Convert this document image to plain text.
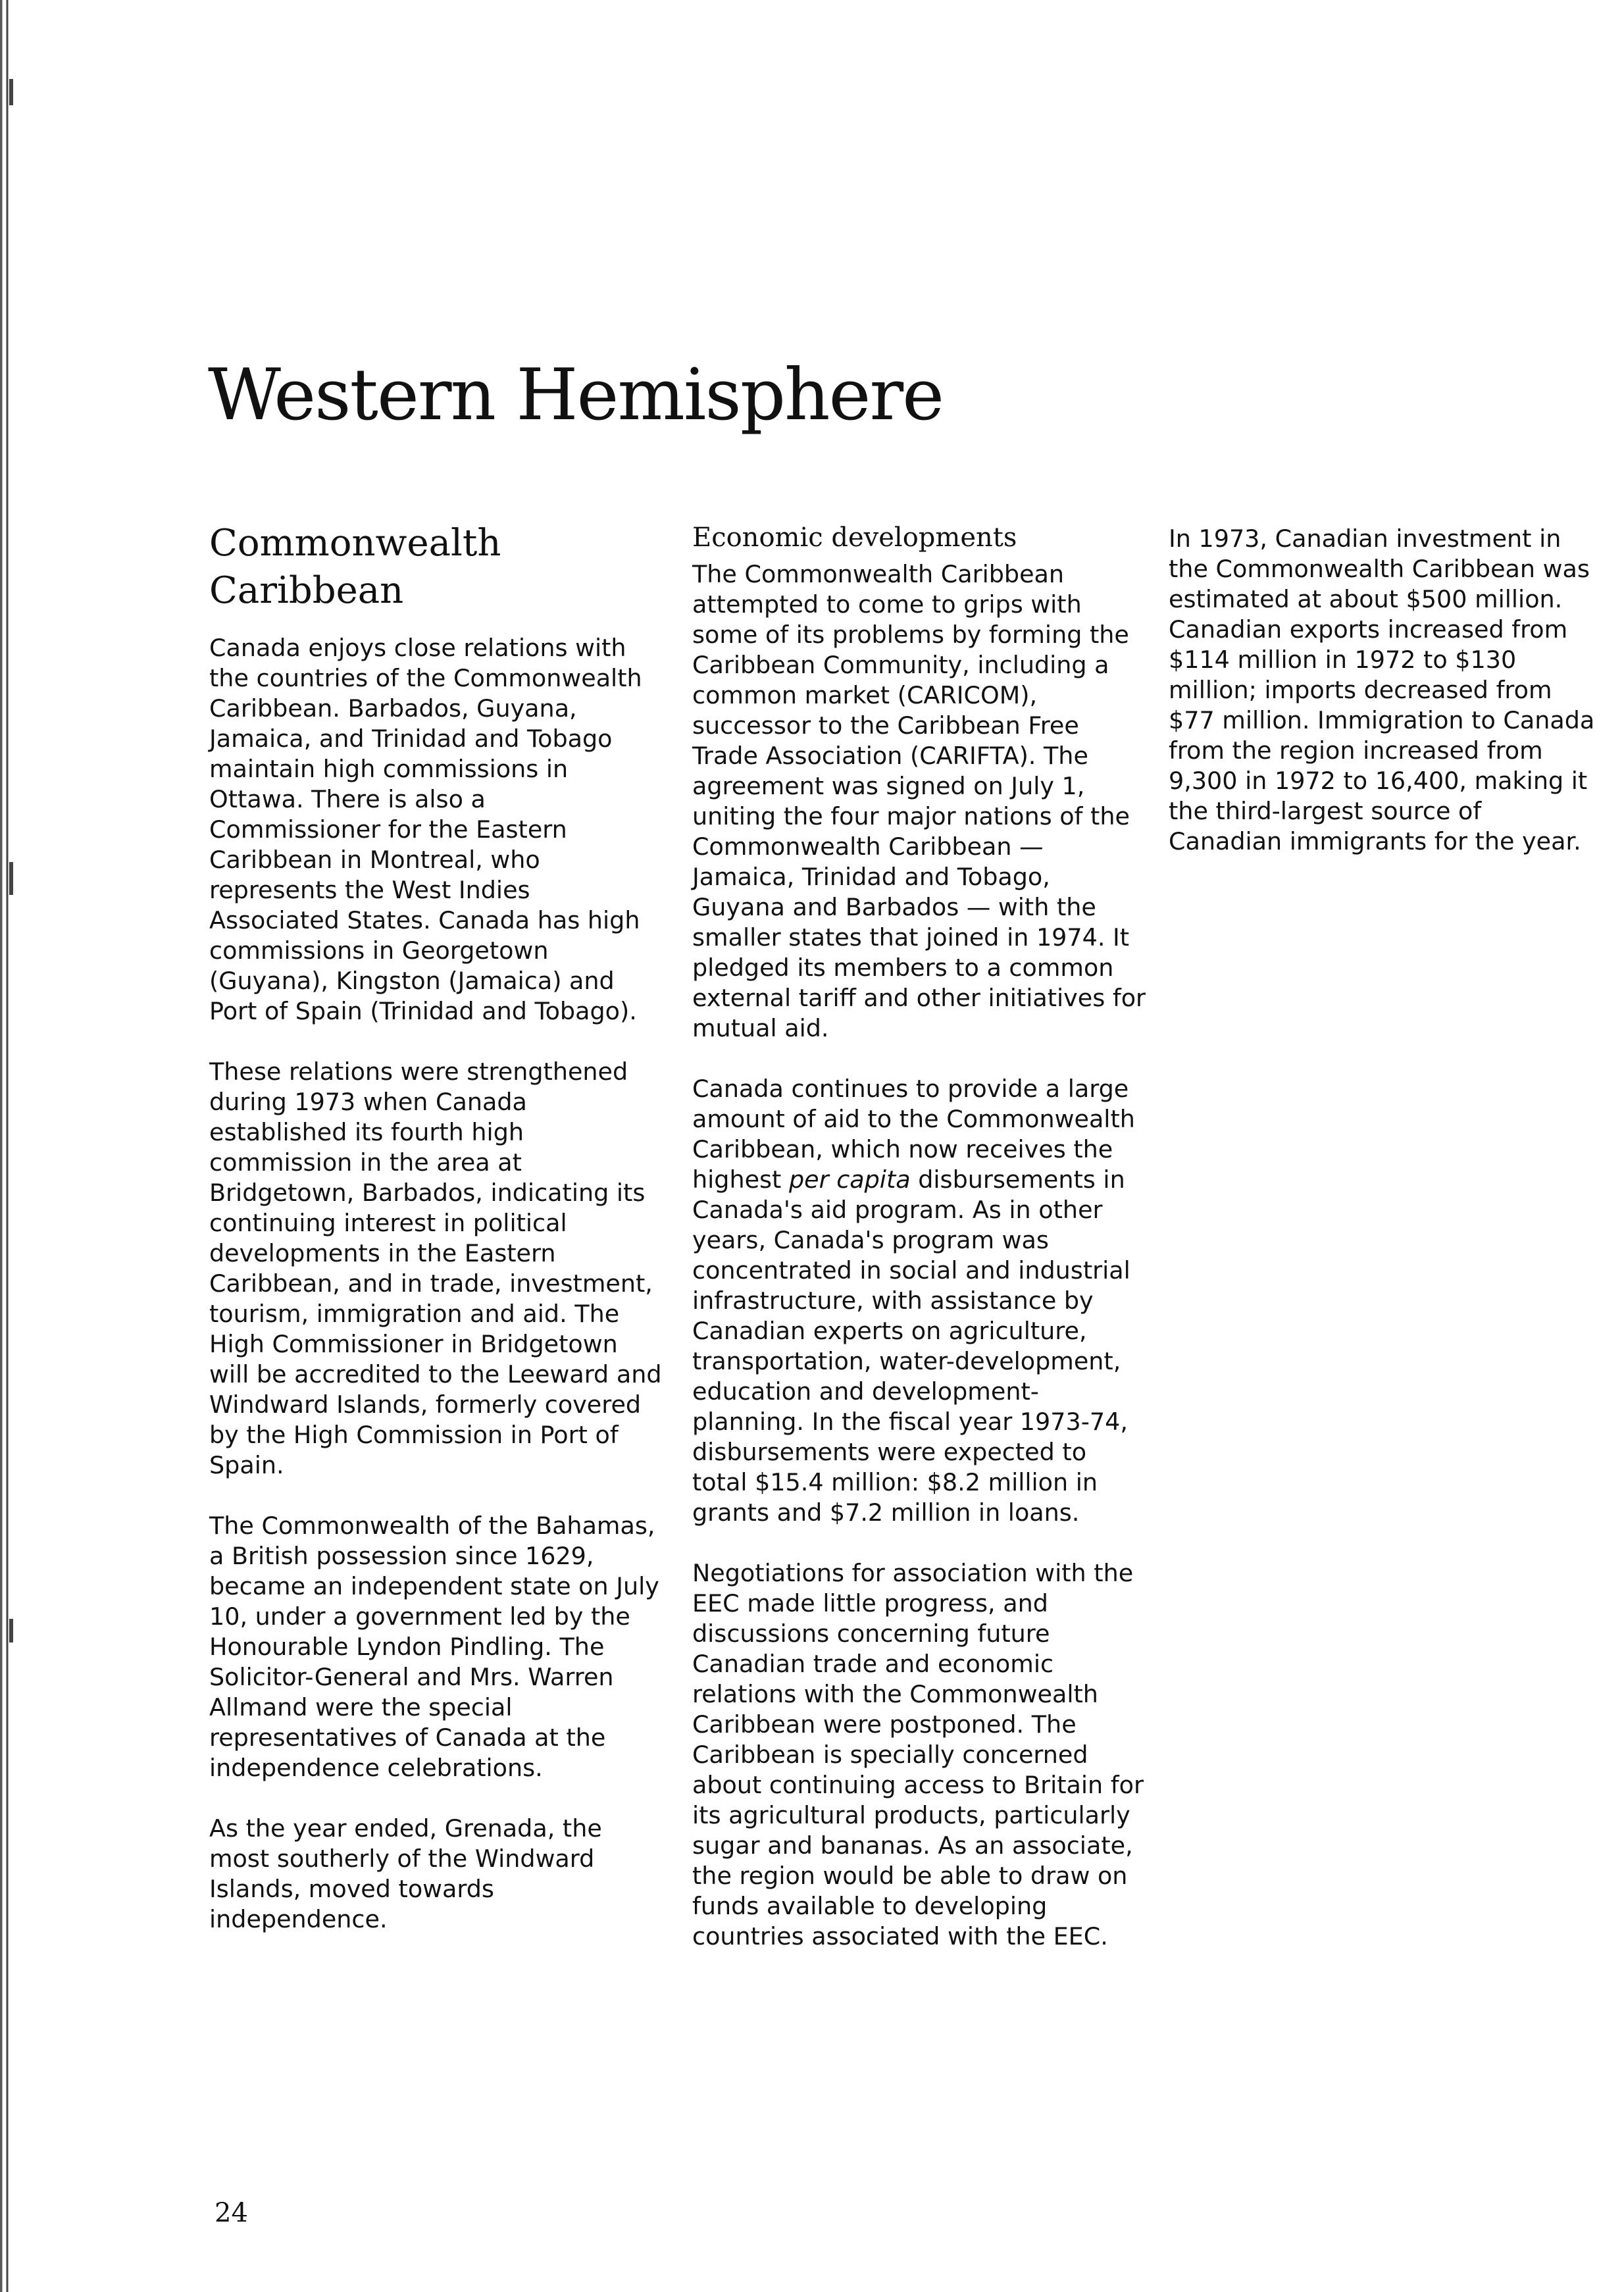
Western Hemisphere
Commonwealth
Caribbean

Canada enjoys close relations with the countries of the Commonwealth Caribbean. Barbados, Guyana, Jamaica, and Trinidad and Tobago maintain high commissions in Ottawa. There is also a Commissioner for the Eastern Caribbean in Montreal, who represents the West Indies Associated States. Canada has high commissions in Georgetown (Guyana), Kingston (Jamaica) and Port of Spain (Trinidad and Tobago).

These relations were strengthened during 1973 when Canada established its fourth high commission in the area at Bridgetown, Barbados, indicating its continuing interest in political developments in the Eastern Caribbean, and in trade, investment, tourism, immigration and aid. The High Commissioner in Bridgetown will be accredited to the Leeward and Windward Islands, formerly covered by the High Commission in Port of Spain.

The Commonwealth of the Bahamas, a British possession since 1629, became an independent state on July 10, under a government led by the Honourable Lyndon Pindling. The Solicitor-General and Mrs. Warren Allmand were the special representatives of Canada at the independence celebrations.

As the year ended, Grenada, the most southerly of the Windward Islands, moved towards independence.

Economic developments

The Commonwealth Caribbean attempted to come to grips with some of its problems by forming the Caribbean Community, including a common market (CARICOM), successor to the Caribbean Free Trade Association (CARIFTA). The agreement was signed on July 1, uniting the four major nations of the Commonwealth Caribbean — Jamaica, Trinidad and Tobago, Guyana and Barbados — with the smaller states that joined in 1974. It pledged its members to a common external tariff and other initiatives for mutual aid.

Canada continues to provide a large amount of aid to the Commonwealth Caribbean, which now receives the highest per capita disbursements in Canada's aid program. As in other years, Canada's program was concentrated in social and industrial infrastructure, with assistance by Canadian experts on agriculture, transportation, water-development, education and development-planning. In the fiscal year 1973-74, disbursements were expected to total $15.4 million: $8.2 million in grants and $7.2 million in loans.

Negotiations for association with the EEC made little progress, and discussions concerning future Canadian trade and economic relations with the Commonwealth Caribbean were postponed. The Caribbean is specially concerned about continuing access to Britain for its agricultural products, particularly sugar and bananas. As an associate, the region would be able to draw on funds available to developing countries associated with the EEC.

In 1973, Canadian investment in the Commonwealth Caribbean was estimated at about $500 million. Canadian exports increased from $114 million in 1972 to $130 million; imports decreased from $77 million. Immigration to Canada from the region increased from 9,300 in 1972 to 16,400, making it the third-largest source of Canadian immigrants for the year.

24
